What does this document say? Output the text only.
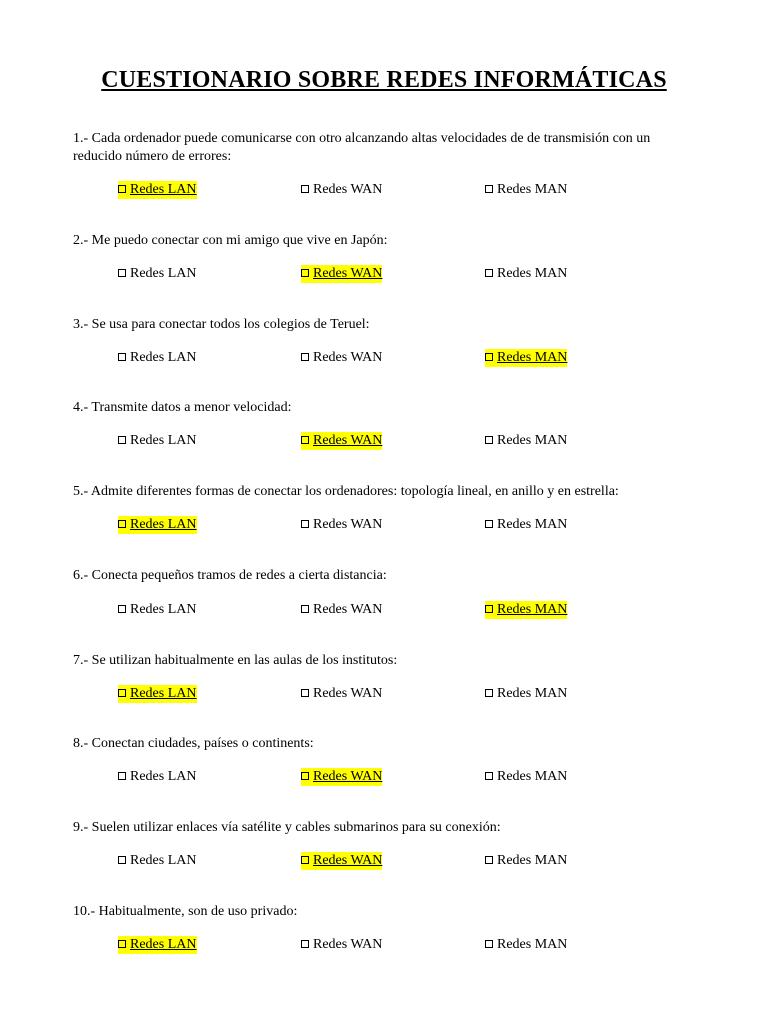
CUESTIONARIO SOBRE REDES INFORMÁTICAS

1.- Cada ordenador puede comunicarse con otro alcanzando altas velocidades de de transmisión con un reducido número de errores:

Redes LAN	Redes WAN	Redes MAN

2.- Me puedo conectar con mi amigo que vive en Japón:

Redes LAN	Redes WAN	Redes MAN

3.- Se usa para conectar todos los colegios de Teruel:

Redes LAN	Redes WAN	Redes MAN

4.- Transmite datos a menor velocidad:

Redes LAN	Redes WAN	Redes MAN

5.- Admite diferentes formas de conectar los ordenadores: topología lineal, en anillo y en estrella:

Redes LAN	Redes WAN	Redes MAN

6.- Conecta pequeños tramos de redes a cierta distancia:

Redes LAN	Redes WAN	Redes MAN

7.- Se utilizan habitualmente en las aulas de los institutos:

Redes LAN	Redes WAN	Redes MAN

8.- Conectan ciudades, países o continents:

Redes LAN	Redes WAN	Redes MAN

9.- Suelen utilizar enlaces vía satélite y cables submarinos para su conexión:

Redes LAN	Redes WAN	Redes MAN

10.- Habitualmente, son de uso privado:

Redes LAN	Redes WAN	Redes MAN
